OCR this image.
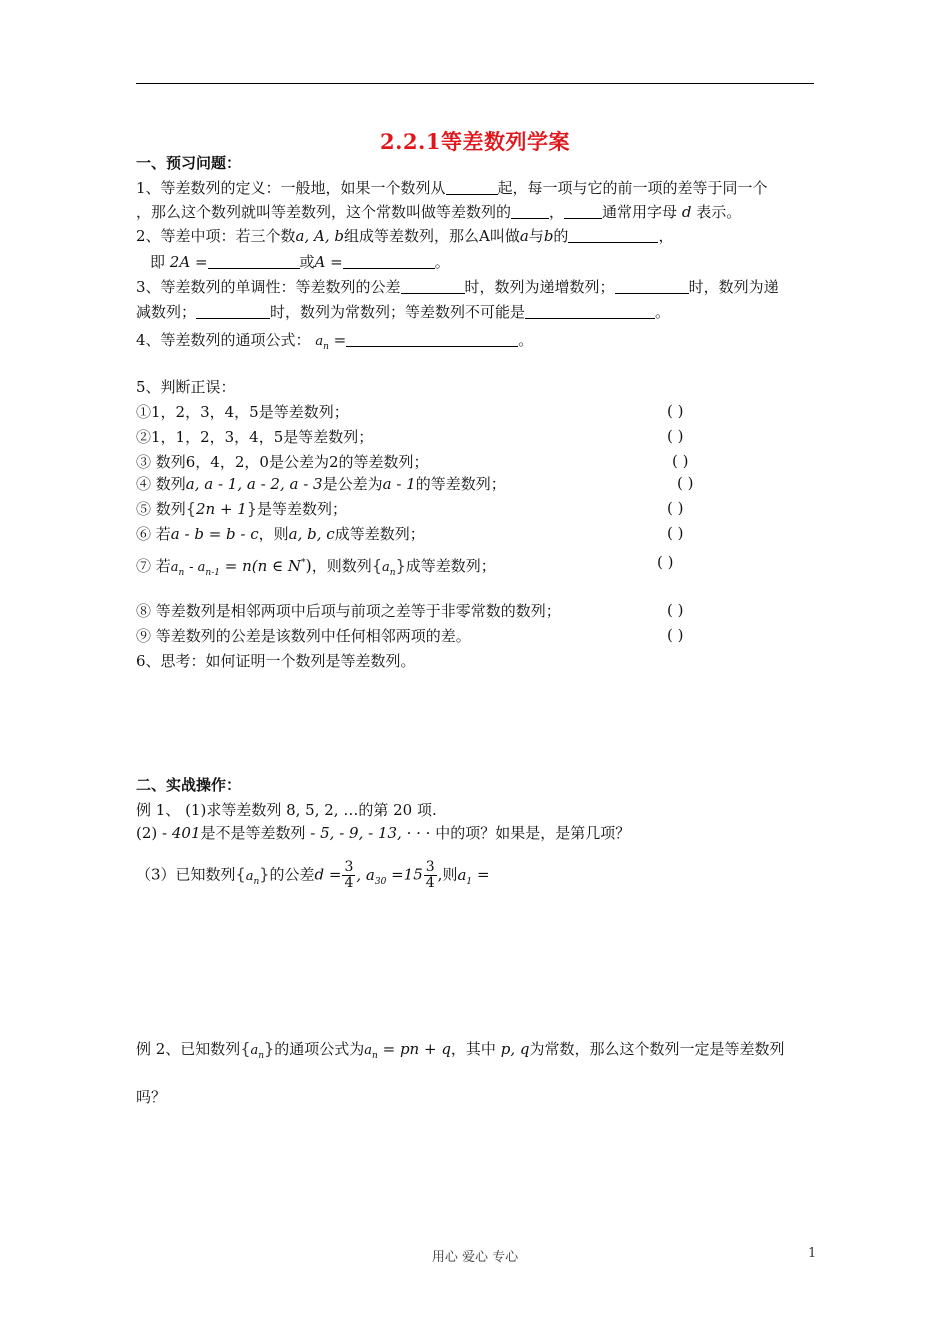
2.2.1等差数列学案
一、预习问题：
1、等差数列的定义：一般地，如果一个数列从	起，每一项与它的前一项的差等于同一个
，那么这个数列就叫等差数列，这个常数叫做等差数列的	，	通常用字母 d 表示。
2、等差中项：若三个数a, A, b组成等差数列，那么A叫做a与b的	，
即 2A =	或A =	。
3、等差数列的单调性：等差数列的公差	时，数列为递增数列；	时，数列为递
减数列；	时，数列为常数列；等差数列不可能是	。
4、等差数列的通项公式： $a_n$ =	。
5、判断正误：
①1，2，3，4，5是等差数列；	( )
②1，1，2，3，4，5是等差数列；	( )
③ 数列6，4，2，0是公差为2的等差数列；	( )
④ 数列a, a - 1, a - 2, a - 3是公差为a - 1的等差数列；	( )
⑤ 数列{2n + 1}是等差数列；	( )
⑥ 若a - b = b - c，则a, b, c成等差数列；	( )
⑦ 若$a_n - a_{n-1} = n(n$ ∈ N*)，则数列$\{a_n\}$成等差数列；	( )
⑧ 等差数列是相邻两项中后项与前项之差等于非零常数的数列；	( )
⑨ 等差数列的公差是该数列中任何相邻两项的差。	( )
6、思考：如何证明一个数列是等差数列。
二、实战操作：
例 1、 (1)求等差数列 8, 5, 2, …的第 20 项.
(2) - 401是不是等差数列 - 5, - 9, - 13, · · · 中的项？如果是，是第几项？
（3）已知数列$\{a_n\}$的公差$d = \frac{3}{4}$ , $a_{30} =15 \frac{3}{4}$ ,则$a_1$ =
例 2、已知数列$\{a_n\}$的通项公式为$a_n$ = pn + q，其中 p, q为常数，那么这个数列一定是等差数列
吗？
用心 爱心 专心	1
